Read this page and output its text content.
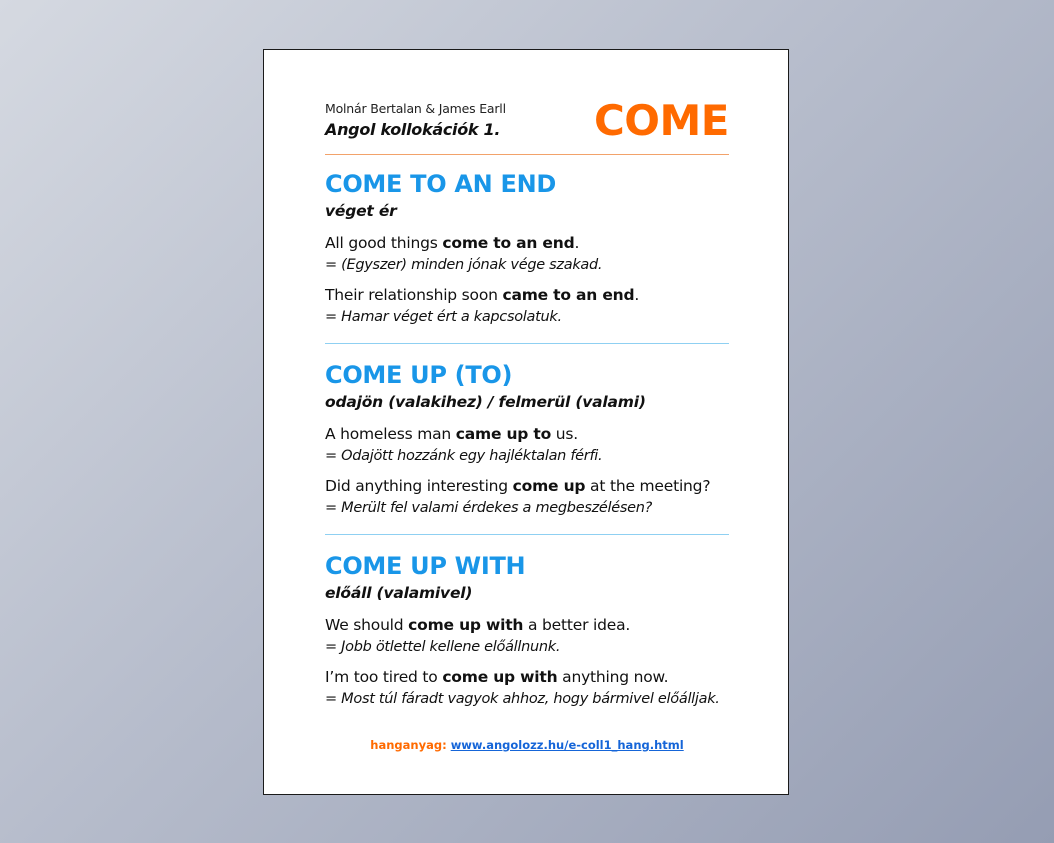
Molnár Bertalan & James Earll
Angol kollokációk 1. COME
COME TO AN END
véget ér
All good things come to an end.
= (Egyszer) minden jónak vége szakad.
Their relationship soon came to an end.
= Hamar véget ért a kapcsolatuk.
COME UP (TO)
odajön (valakihez) / felmerül (valami)
A homeless man came up to us.
= Odajött hozzánk egy hajléktalan férfi.
Did anything interesting come up at the meeting?
= Merült fel valami érdekes a megbeszélésen?
COME UP WITH
előáll (valamivel)
We should come up with a better idea.
= Jobb ötlettel kellene előállnunk.
I’m too tired to come up with anything now.
= Most túl fáradt vagyok ahhoz, hogy bármivel előálljak.
hanganyag: www.angolozz.hu/e-coll1_hang.html
